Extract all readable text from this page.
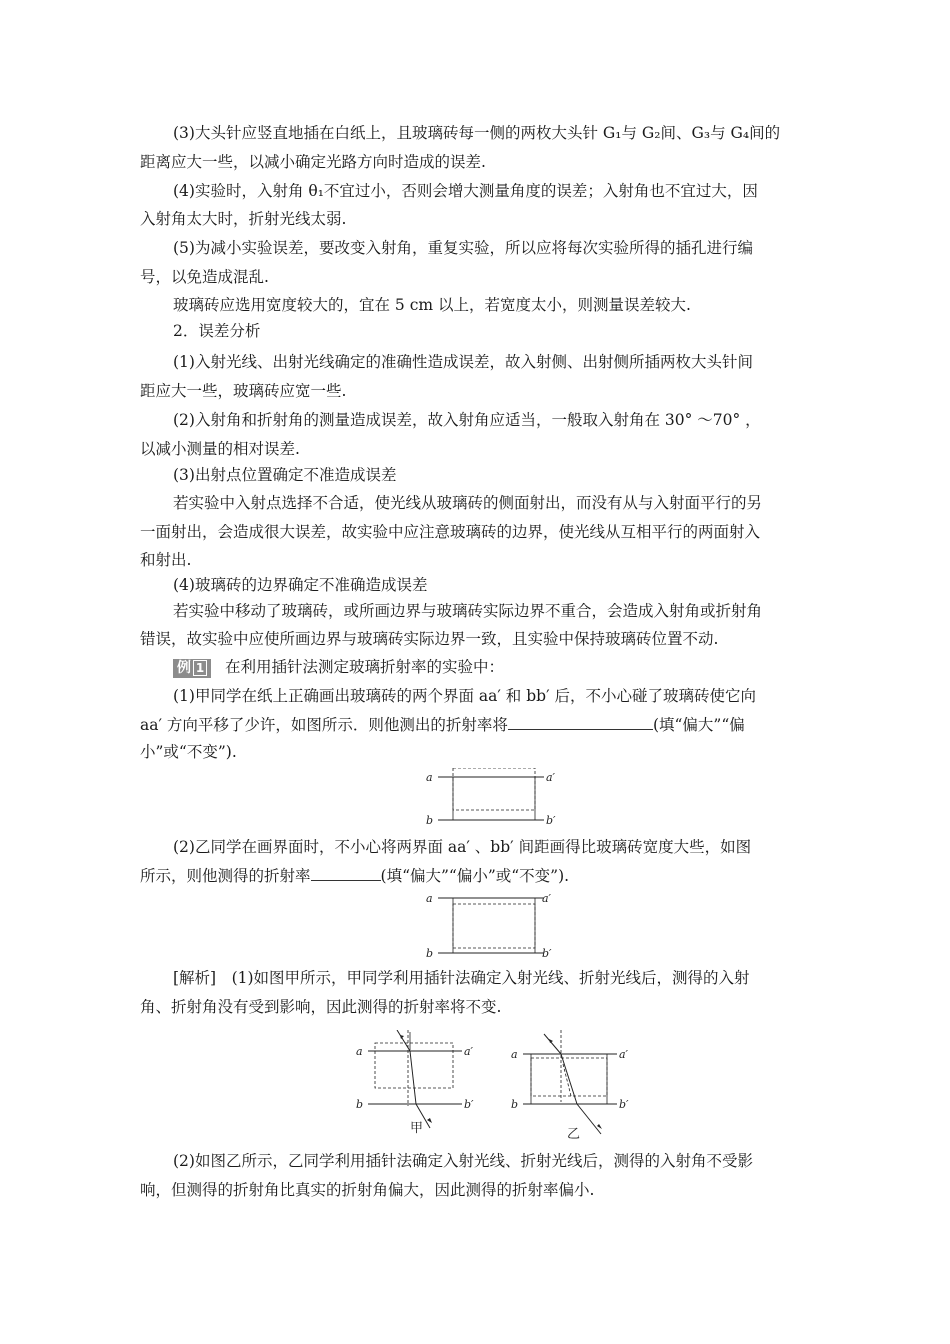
(3)大头针应竖直地插在白纸上，且玻璃砖每一侧的两枚大头针 G₁与 G₂间、G₃与 G₄间的
距离应大一些，以减小确定光路方向时造成的误差.
(4)实验时，入射角 θ₁不宜过小，否则会增大测量角度的误差；入射角也不宜过大，因
入射角太大时，折射光线太弱.
(5)为减小实验误差，要改变入射角，重复实验，所以应将每次实验所得的插孔进行编
号，以免造成混乱.
玻璃砖应选用宽度较大的，宜在 5 cm 以上，若宽度太小，则测量误差较大.
2．误差分析
(1)入射光线、出射光线确定的准确性造成误差，故入射侧、出射侧所插两枚大头针间
距应大一些，玻璃砖应宽一些.
(2)入射角和折射角的测量造成误差，故入射角应适当，一般取入射角在 30° ～70° ，
以减小测量的相对误差.
(3)出射点位置确定不准造成误差
若实验中入射点选择不合适，使光线从玻璃砖的侧面射出，而没有从与入射面平行的另
一面射出，会造成很大误差，故实验中应注意玻璃砖的边界，使光线从互相平行的两面射入
和射出.
(4)玻璃砖的边界确定不准确造成误差
若实验中移动了玻璃砖，或所画边界与玻璃砖实际边界不重合，会造成入射角或折射角
错误，故实验中应使所画边界与玻璃砖实际边界一致，且实验中保持玻璃砖位置不动.
例 1 在利用插针法测定玻璃折射率的实验中：
(1)甲同学在纸上正确画出玻璃砖的两个界面 aa′ 和 bb′ 后，不小心碰了玻璃砖使它向
aa′ 方向平移了少许，如图所示．则他测出的折射率将	(填“偏大”“偏
小”或“不变”).
a	a′
b	b′
(2)乙同学在画界面时，不小心将两界面 aa′ 、bb′ 间距画得比玻璃砖宽度大些，如图
所示，则他测得的折射率	(填“偏大”“偏小”或“不变”).
a	a′
b	b′
[解析]　(1)如图甲所示，甲同学利用插针法确定入射光线、折射光线后，测得的入射
角、折射角没有受到影响，因此测得的折射率将不变.
a	a′
b	b′
甲
a	a′
b	b′
乙
(2)如图乙所示，乙同学利用插针法确定入射光线、折射光线后，测得的入射角不受影
响，但测得的折射角比真实的折射角偏大，因此测得的折射率偏小.
